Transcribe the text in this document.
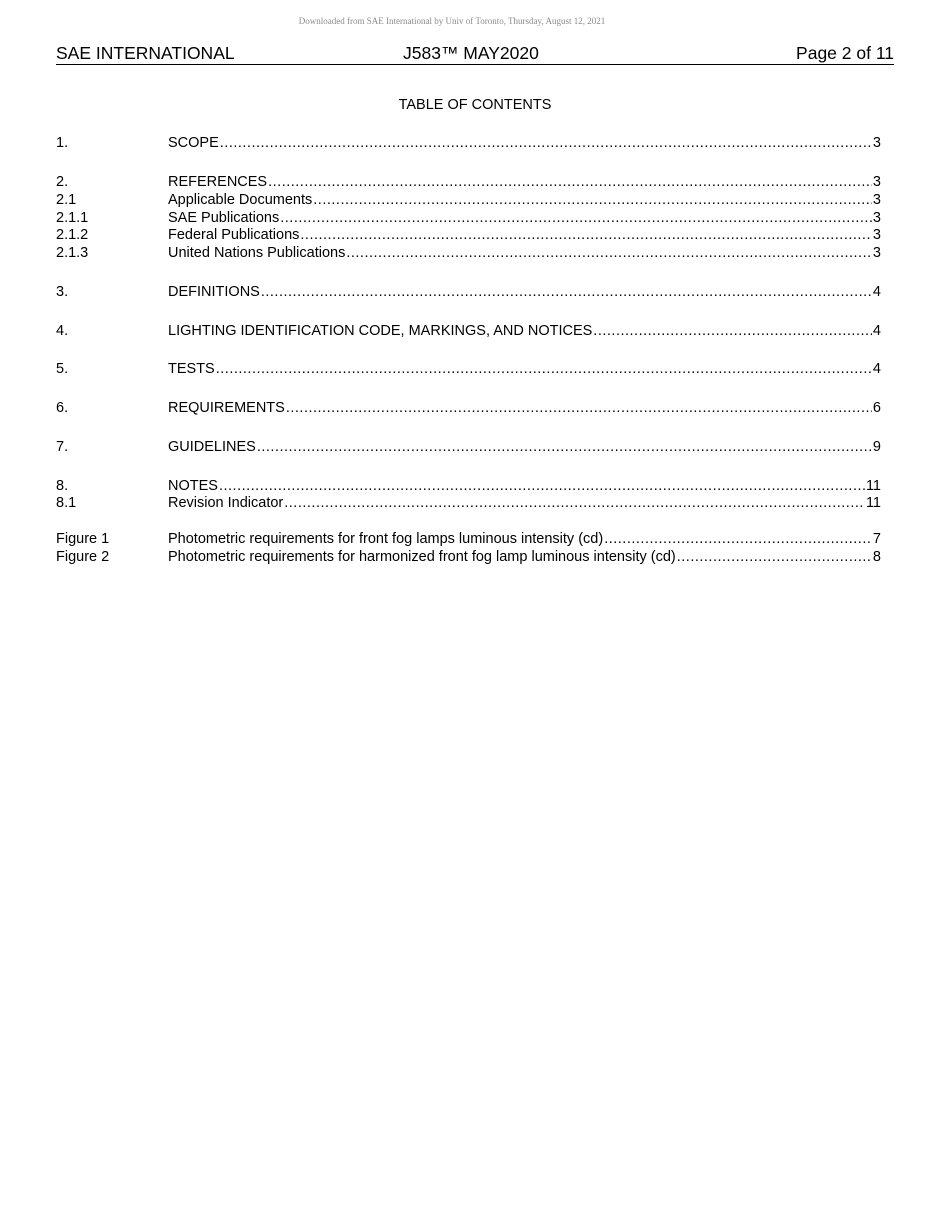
Downloaded from SAE International by Univ of Toronto, Thursday, August 12, 2021
SAE INTERNATIONAL	J583™ MAY2020	Page 2 of 11
TABLE OF CONTENTS
1.	SCOPE .....	3
2.	REFERENCES .....	3
2.1	Applicable Documents .....	3
2.1.1	SAE Publications .....	3
2.1.2	Federal Publications .....	3
2.1.3	United Nations Publications .....	3
3.	DEFINITIONS .....	4
4.	LIGHTING IDENTIFICATION CODE, MARKINGS, AND NOTICES .....	4
5.	TESTS .....	4
6.	REQUIREMENTS .....	6
7.	GUIDELINES .....	9
8.	NOTES .....	11
8.1	Revision Indicator .....	11
Figure 1	Photometric requirements for front fog lamps luminous intensity (cd) .....	7
Figure 2	Photometric requirements for harmonized front fog lamp luminous intensity (cd) .....	8
